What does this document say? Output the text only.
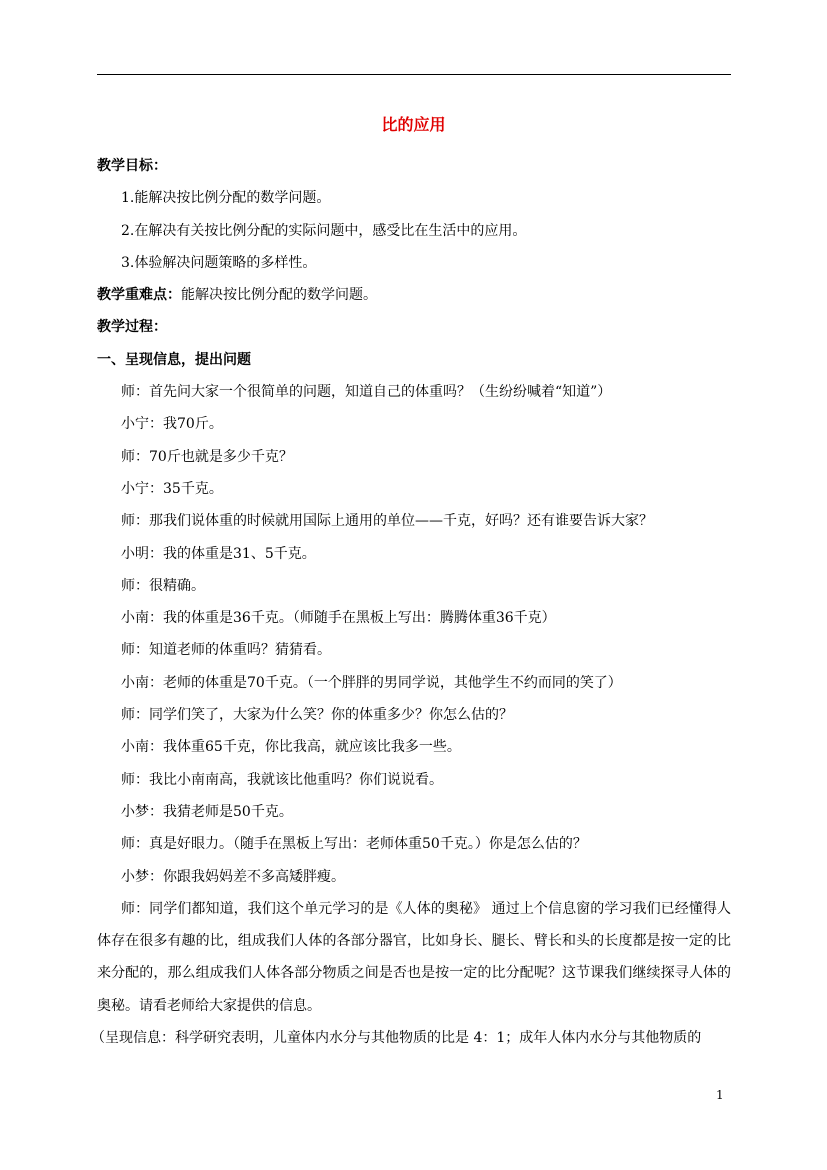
比的应用
教学目标：
1.能解决按比例分配的数学问题。
2.在解决有关按比例分配的实际问题中，感受比在生活中的应用。
3.体验解决问题策略的多样性。
教学重难点：能解决按比例分配的数学问题。
教学过程：
一、呈现信息，提出问题
师：首先问大家一个很简单的问题，知道自己的体重吗？（生纷纷喊着“知道”）
小宁：我70斤。
师：70斤也就是多少千克？
小宁：35千克。
师：那我们说体重的时候就用国际上通用的单位——千克，好吗？还有谁要告诉大家？
小明：我的体重是31、5千克。
师：很精确。
小南：我的体重是36千克。（师随手在黑板上写出：腾腾体重36千克）
师：知道老师的体重吗？猜猜看。
小南：老师的体重是70千克。（一个胖胖的男同学说，其他学生不约而同的笑了）
师：同学们笑了，大家为什么笑？你的体重多少？你怎么估的？
小南：我体重65千克，你比我高，就应该比我多一些。
师：我比小南南高，我就该比他重吗？你们说说看。
小梦：我猜老师是50千克。
师：真是好眼力。（随手在黑板上写出：老师体重50千克。）你是怎么估的？
小梦：你跟我妈妈差不多高矮胖瘦。
师：同学们都知道，我们这个单元学习的是《人体的奥秘》 通过上个信息窗的学习我们已经懂得人体存在很多有趣的比，组成我们人体的各部分器官，比如身长、腿长、臂长和头的长度都是按一定的比来分配的，那么组成我们人体各部分物质之间是否也是按一定的比分配呢？这节课我们继续探寻人体的奥秘。请看老师给大家提供的信息。
（呈现信息：科学研究表明，儿童体内水分与其他物质的比是 4：1；成年人体内水分与其他物质的
1
